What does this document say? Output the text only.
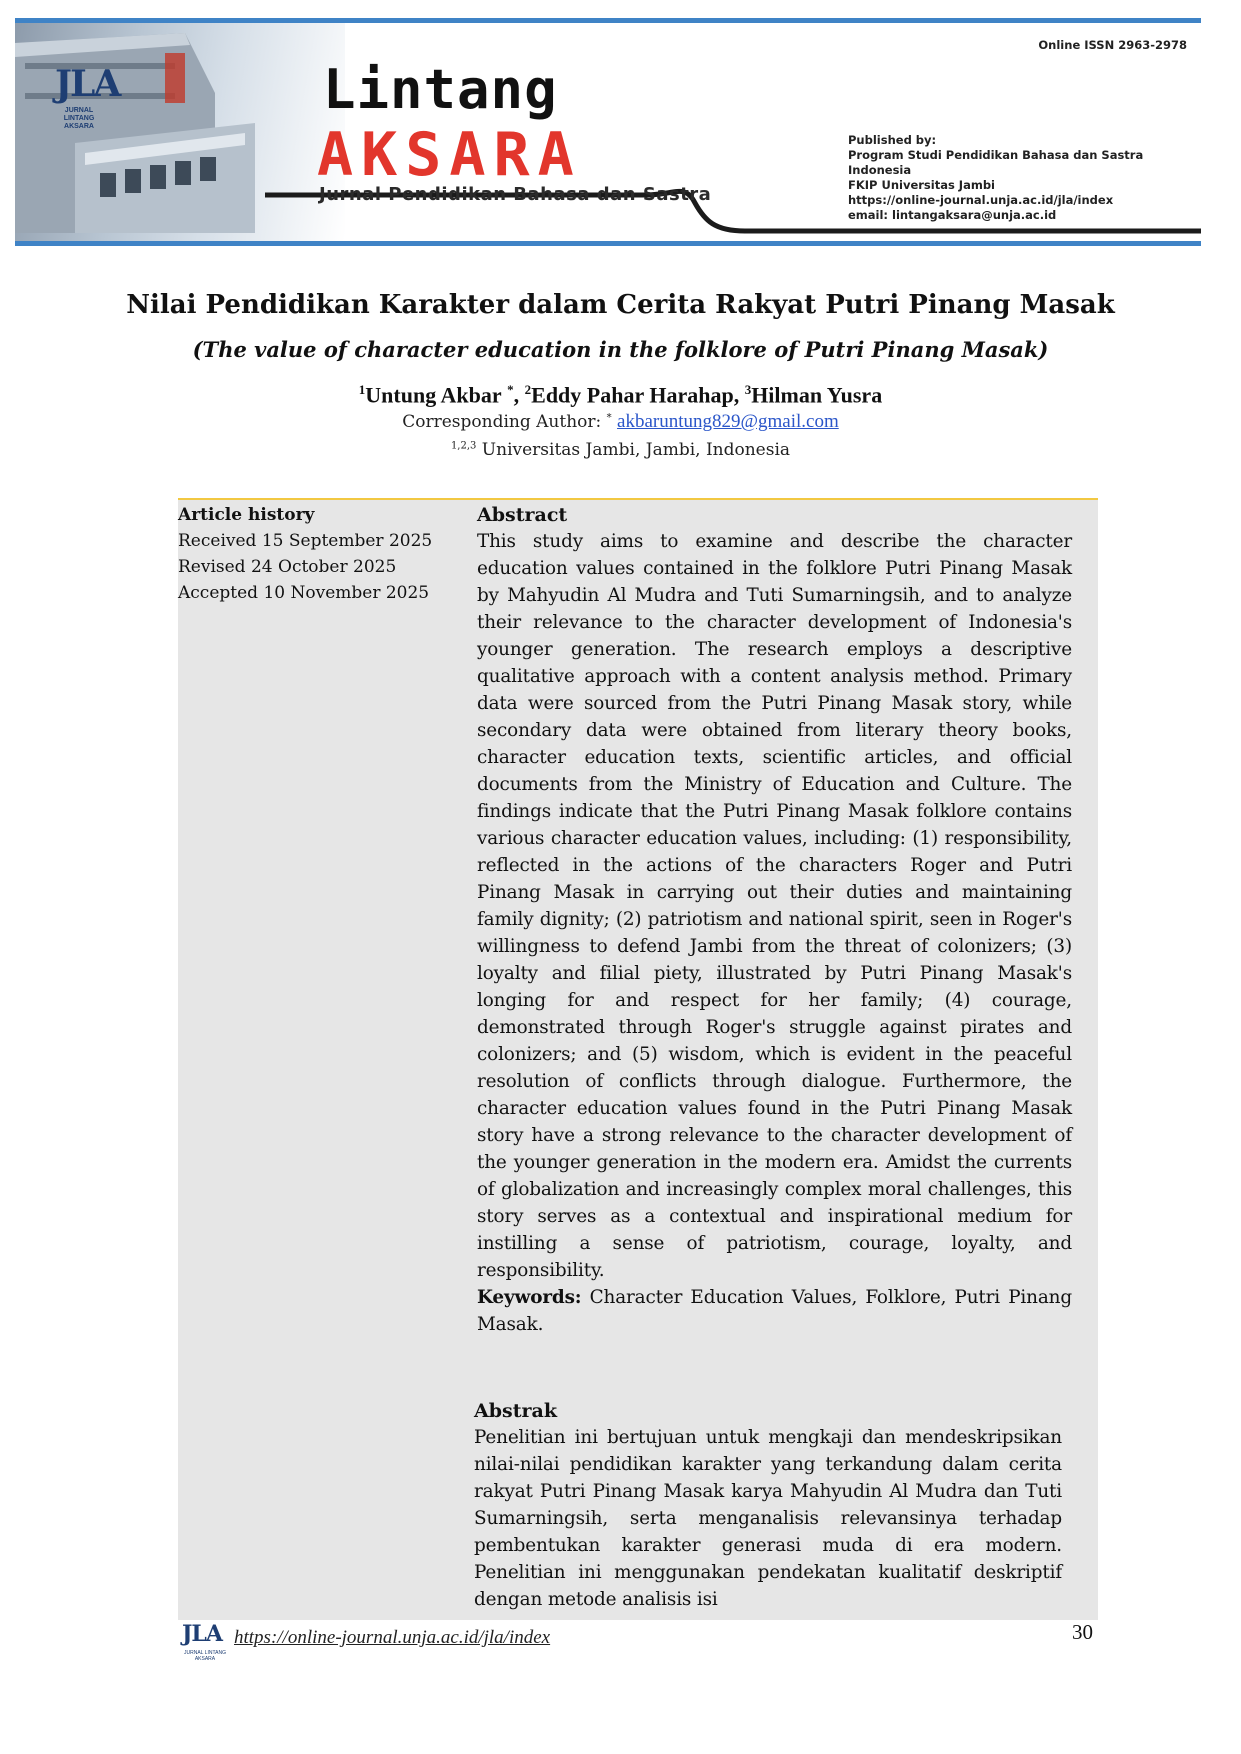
JLA
JURNAL LINTANG AKSARA
Lintang
AKSARA
Jurnal Pendidikan Bahasa dan Sastra
Online ISSN 2963-2978
Published by:
Program Studi Pendidikan Bahasa dan Sastra Indonesia
FKIP Universitas Jambi
https://online-journal.unja.ac.id/jla/index
email: lintangaksara@unja.ac.id
Nilai Pendidikan Karakter dalam Cerita Rakyat Putri Pinang Masak
(The value of character education in the folklore of Putri Pinang Masak)
$^1$Untung Akbar *, $^2$Eddy Pahar Harahap, $^3$Hilman Yusra
Corresponding Author: * akbaruntung829@gmail.com
$^{1,2,3}$ Universitas Jambi, Jambi, Indonesia
Article history
Received 15 September 2025
Revised 24 October 2025
Accepted 10 November 2025
Abstract

This study aims to examine and describe the character education values contained in the folklore Putri Pinang Masak by Mahyudin Al Mudra and Tuti Sumarningsih, and to analyze their relevance to the character development of Indonesia's younger generation. The research employs a descriptive qualitative approach with a content analysis method. Primary data were sourced from the Putri Pinang Masak story, while secondary data were obtained from literary theory books, character education texts, scientific articles, and official documents from the Ministry of Education and Culture. The findings indicate that the Putri Pinang Masak folklore contains various character education values, including: (1) responsibility, reflected in the actions of the characters Roger and Putri Pinang Masak in carrying out their duties and maintaining family dignity; (2) patriotism and national spirit, seen in Roger's willingness to defend Jambi from the threat of colonizers; (3) loyalty and filial piety, illustrated by Putri Pinang Masak's longing for and respect for her family; (4) courage, demonstrated through Roger's struggle against pirates and colonizers; and (5) wisdom, which is evident in the peaceful resolution of conflicts through dialogue. Furthermore, the character education values found in the Putri Pinang Masak story have a strong relevance to the character development of the younger generation in the modern era. Amidst the currents of globalization and increasingly complex moral challenges, this story serves as a contextual and inspirational medium for instilling a sense of patriotism, courage, loyalty, and responsibility.

Keywords: Character Education Values, Folklore, Putri Pinang Masak.

Abstrak

Penelitian ini bertujuan untuk mengkaji dan mendeskripsikan nilai-nilai pendidikan karakter yang terkandung dalam cerita rakyat Putri Pinang Masak karya Mahyudin Al Mudra dan Tuti Sumarningsih, serta menganalisis relevansinya terhadap pembentukan karakter generasi muda di era modern. Penelitian ini menggunakan pendekatan kualitatif deskriptif dengan metode analisis isi

JLA
JURNAL LINTANG AKSARA
https://online-journal.unja.ac.id/jla/index	30
